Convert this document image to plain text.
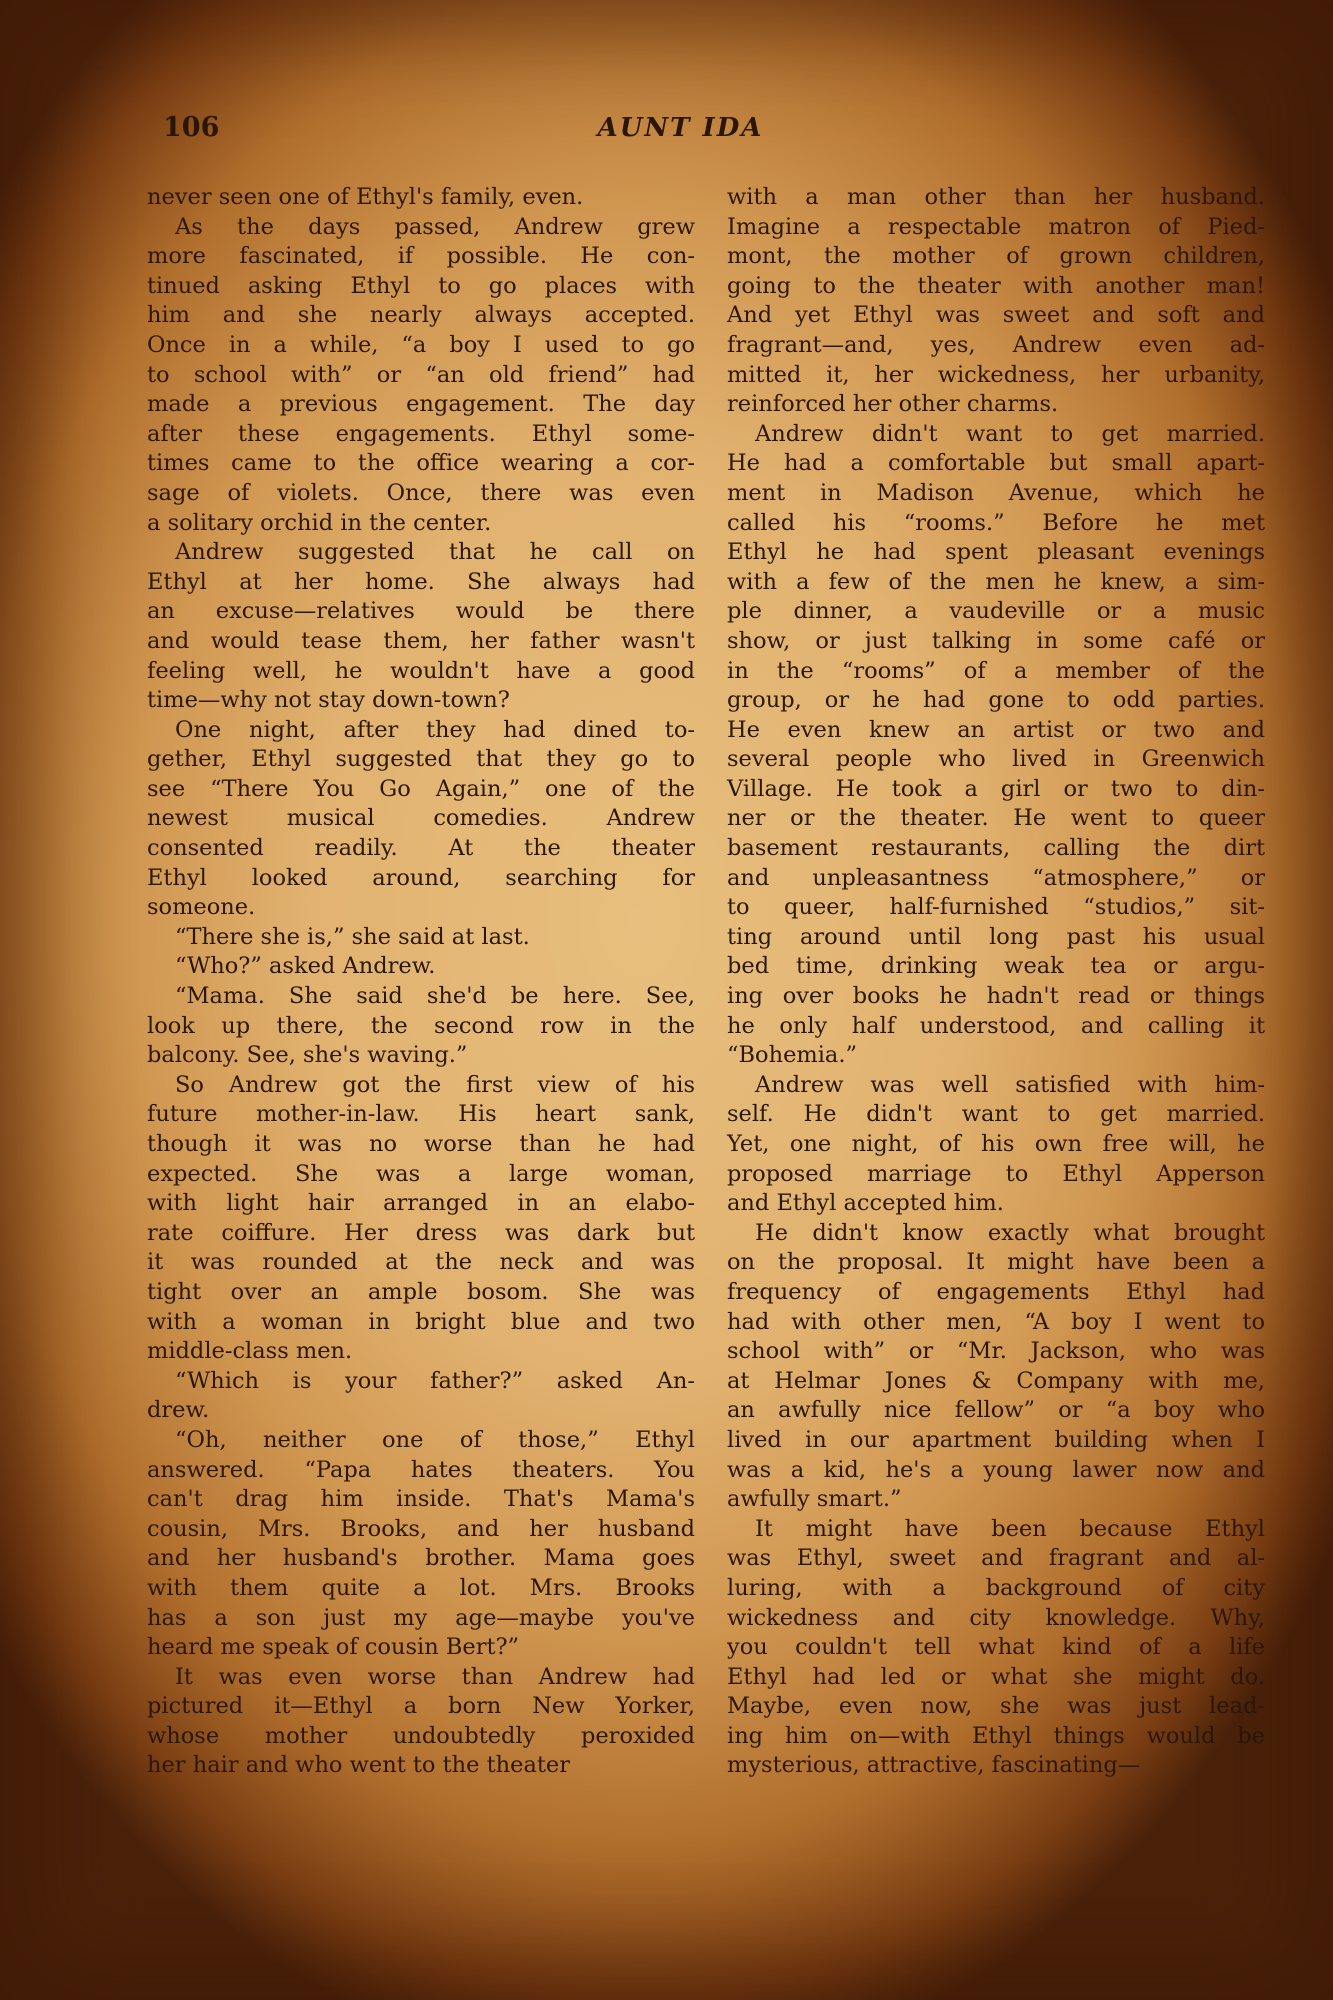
106	AUNT IDA
never seen one of Ethyl's family, even.
As the days passed, Andrew grew
more fascinated, if possible. He con-
tinued asking Ethyl to go places with
him and she nearly always accepted.
Once in a while, “a boy I used to go
to school with” or “an old friend” had
made a previous engagement. The day
after these engagements. Ethyl some-
times came to the office wearing a cor-
sage of violets. Once, there was even
a solitary orchid in the center.
Andrew suggested that he call on
Ethyl at her home. She always had
an excuse—relatives would be there
and would tease them, her father wasn't
feeling well, he wouldn't have a good
time—why not stay down-town?
One night, after they had dined to-
gether, Ethyl suggested that they go to
see “There You Go Again,” one of the
newest musical comedies. Andrew
consented readily. At the theater
Ethyl looked around, searching for
someone.
“There she is,” she said at last.
“Who?” asked Andrew.
“Mama. She said she'd be here. See,
look up there, the second row in the
balcony. See, she's waving.”
So Andrew got the first view of his
future mother-in-law. His heart sank,
though it was no worse than he had
expected. She was a large woman,
with light hair arranged in an elabo-
rate coiffure. Her dress was dark but
it was rounded at the neck and was
tight over an ample bosom. She was
with a woman in bright blue and two
middle-class men.
“Which is your father?” asked An-
drew.
“Oh, neither one of those,” Ethyl
answered. “Papa hates theaters. You
can't drag him inside. That's Mama's
cousin, Mrs. Brooks, and her husband
and her husband's brother. Mama goes
with them quite a lot. Mrs. Brooks
has a son just my age—maybe you've
heard me speak of cousin Bert?”
It was even worse than Andrew had
pictured it—Ethyl a born New Yorker,
whose mother undoubtedly peroxided
her hair and who went to the theater
with a man other than her husband.
Imagine a respectable matron of Pied-
mont, the mother of grown children,
going to the theater with another man!
And yet Ethyl was sweet and soft and
fragrant—and, yes, Andrew even ad-
mitted it, her wickedness, her urbanity,
reinforced her other charms.
Andrew didn't want to get married.
He had a comfortable but small apart-
ment in Madison Avenue, which he
called his “rooms.” Before he met
Ethyl he had spent pleasant evenings
with a few of the men he knew, a sim-
ple dinner, a vaudeville or a music
show, or just talking in some café or
in the “rooms” of a member of the
group, or he had gone to odd parties.
He even knew an artist or two and
several people who lived in Greenwich
Village. He took a girl or two to din-
ner or the theater. He went to queer
basement restaurants, calling the dirt
and unpleasantness “atmosphere,” or
to queer, half-furnished “studios,” sit-
ting around until long past his usual
bed time, drinking weak tea or argu-
ing over books he hadn't read or things
he only half understood, and calling it
“Bohemia.”
Andrew was well satisfied with him-
self. He didn't want to get married.
Yet, one night, of his own free will, he
proposed marriage to Ethyl Apperson
and Ethyl accepted him.
He didn't know exactly what brought
on the proposal. It might have been a
frequency of engagements Ethyl had
had with other men, “A boy I went to
school with” or “Mr. Jackson, who was
at Helmar Jones & Company with me,
an awfully nice fellow” or “a boy who
lived in our apartment building when I
was a kid, he's a young lawer now and
awfully smart.”
It might have been because Ethyl
was Ethyl, sweet and fragrant and al-
luring, with a background of city
wickedness and city knowledge. Why,
you couldn't tell what kind of a life
Ethyl had led or what she might do.
Maybe, even now, she was just lead-
ing him on—with Ethyl things would be
mysterious, attractive, fascinating—
